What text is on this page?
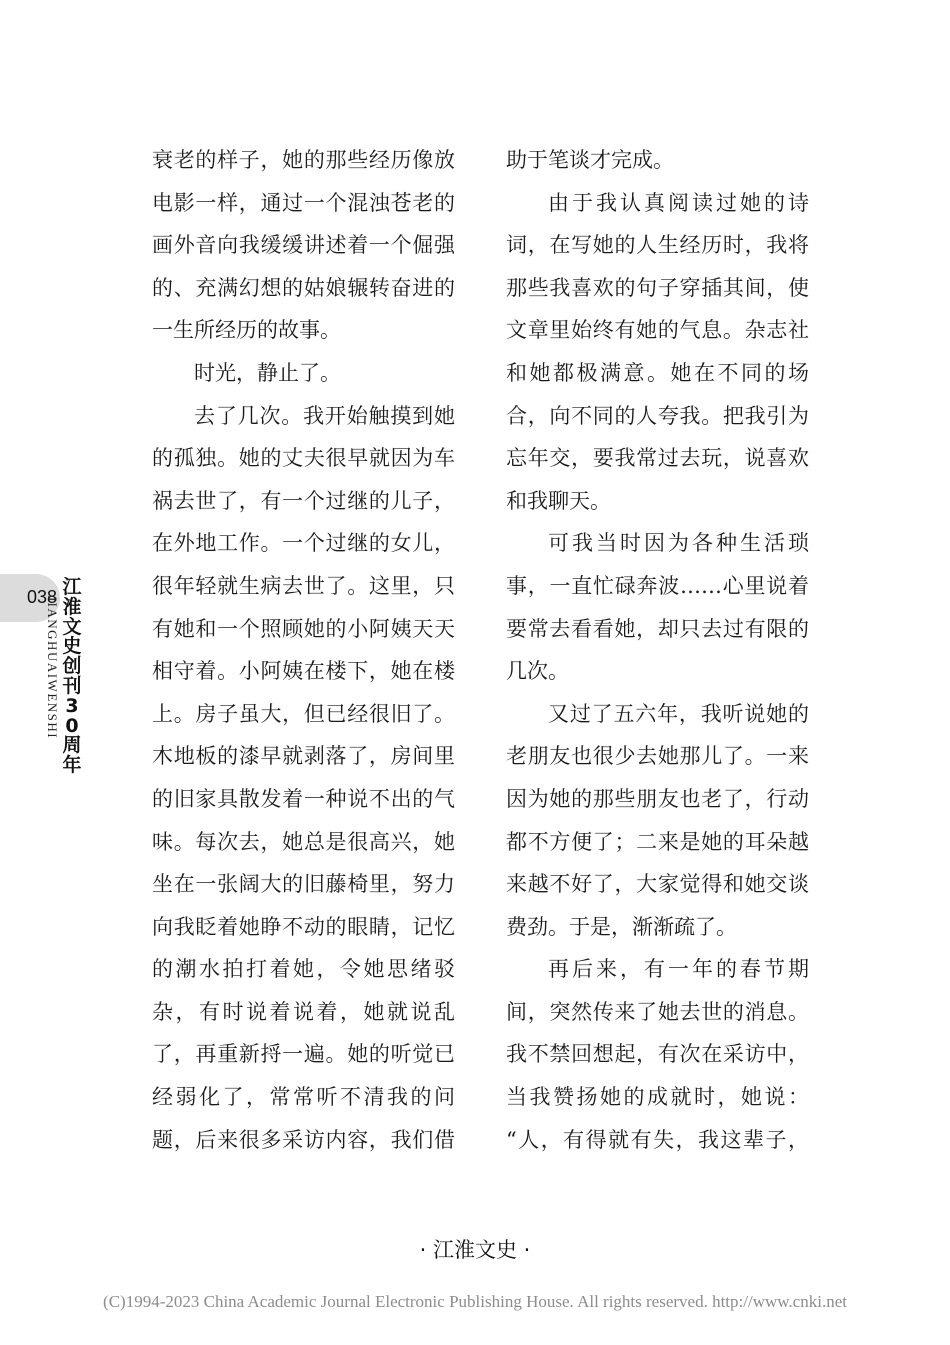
038 江淮文史创刊30周年
JIANGHUAIWENSHI

衰老的样子，她的那些经历像放

电影一样，通过一个混浊苍老的

画外音向我缓缓讲述着一个倔强

的、充满幻想的姑娘辗转奋进的

一生所经历的故事。

时光，静止了。

去了几次。我开始触摸到她

的孤独。她的丈夫很早就因为车

祸去世了，有一个过继的儿子，

在外地工作。一个过继的女儿，

很年轻就生病去世了。这里，只

有她和一个照顾她的小阿姨天天

相守着。小阿姨在楼下，她在楼

上。房子虽大，但已经很旧了。

木地板的漆早就剥落了，房间里

的旧家具散发着一种说不出的气

味。每次去，她总是很高兴，她

坐在一张阔大的旧藤椅里，努力

向我眨着她睁不动的眼睛，记忆

的潮水拍打着她，令她思绪驳

杂，有时说着说着，她就说乱

了，再重新捋一遍。她的听觉已

经弱化了，常常听不清我的问

题，后来很多采访内容，我们借

助于笔谈才完成。

由于我认真阅读过她的诗

词，在写她的人生经历时，我将

那些我喜欢的句子穿插其间，使

文章里始终有她的气息。杂志社

和她都极满意。她在不同的场

合，向不同的人夸我。把我引为

忘年交，要我常过去玩，说喜欢

和我聊天。

可我当时因为各种生活琐

事，一直忙碌奔波……心里说着

要常去看看她，却只去过有限的

几次。

又过了五六年，我听说她的

老朋友也很少去她那儿了。一来

因为她的那些朋友也老了，行动

都不方便了；二来是她的耳朵越

来越不好了，大家觉得和她交谈

费劲。于是，渐渐疏了。

再后来，有一年的春节期

间，突然传来了她去世的消息。

我不禁回想起，有次在采访中，

当我赞扬她的成就时，她说：

“人，有得就有失，我这辈子，

· 江淮文史 ·
(C)1994-2023 China Academic Journal Electronic Publishing House. All rights reserved. http://www.cnki.net
